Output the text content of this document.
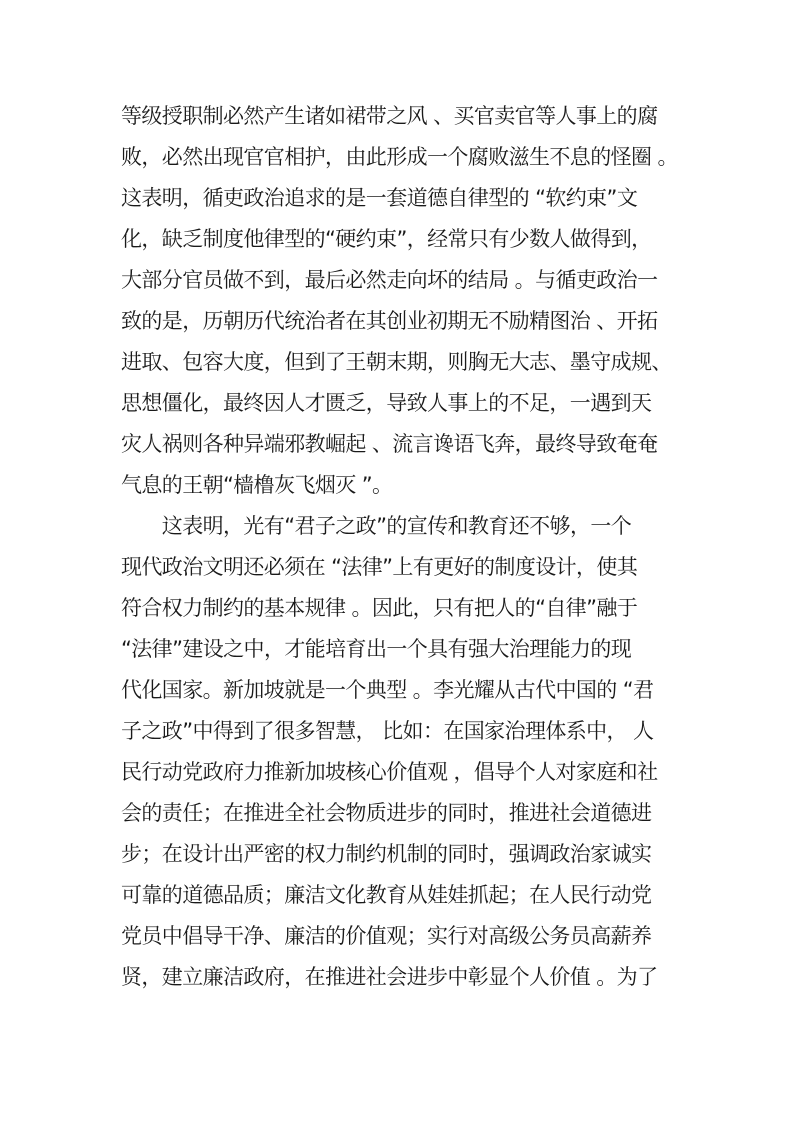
等级授职制必然产生诸如裙带之风 、买官卖官等人事上的腐
败，必然出现官官相护，由此形成一个腐败滋生不息的怪圈 。
这表明，循吏政治追求的是一套道德自律型的 “软约束”文
化，缺乏制度他律型的“硬约束”，经常只有少数人做得到，
大部分官员做不到，最后必然走向坏的结局 。与循吏政治一
致的是，历朝历代统治者在其创业初期无不励精图治 、开拓
进取、包容大度，但到了王朝末期，则胸无大志、墨守成规、
思想僵化，最终因人才匮乏，导致人事上的不足，一遇到天
灾人祸则各种异端邪教崛起 、流言谗语飞奔，最终导致奄奄
气息的王朝“樯橹灰飞烟灭 ”。
　　这表明，光有“君子之政”的宣传和教育还不够，一个
现代政治文明还必须在 “法律”上有更好的制度设计，使其
符合权力制约的基本规律 。因此，只有把人的“自律”融于
“法律”建设之中，才能培育出一个具有强大治理能力的现
代化国家。新加坡就是一个典型 。李光耀从古代中国的 “君
子之政”中得到了很多智慧， 比如：在国家治理体系中， 人
民行动党政府力推新加坡核心价值观 ，倡导个人对家庭和社
会的责任；在推进全社会物质进步的同时，推进社会道德进
步；在设计出严密的权力制约机制的同时，强调政治家诚实
可靠的道德品质；廉洁文化教育从娃娃抓起；在人民行动党
党员中倡导干净、廉洁的价值观；实行对高级公务员高薪养
贤，建立廉洁政府，在推进社会进步中彰显个人价值 。为了
